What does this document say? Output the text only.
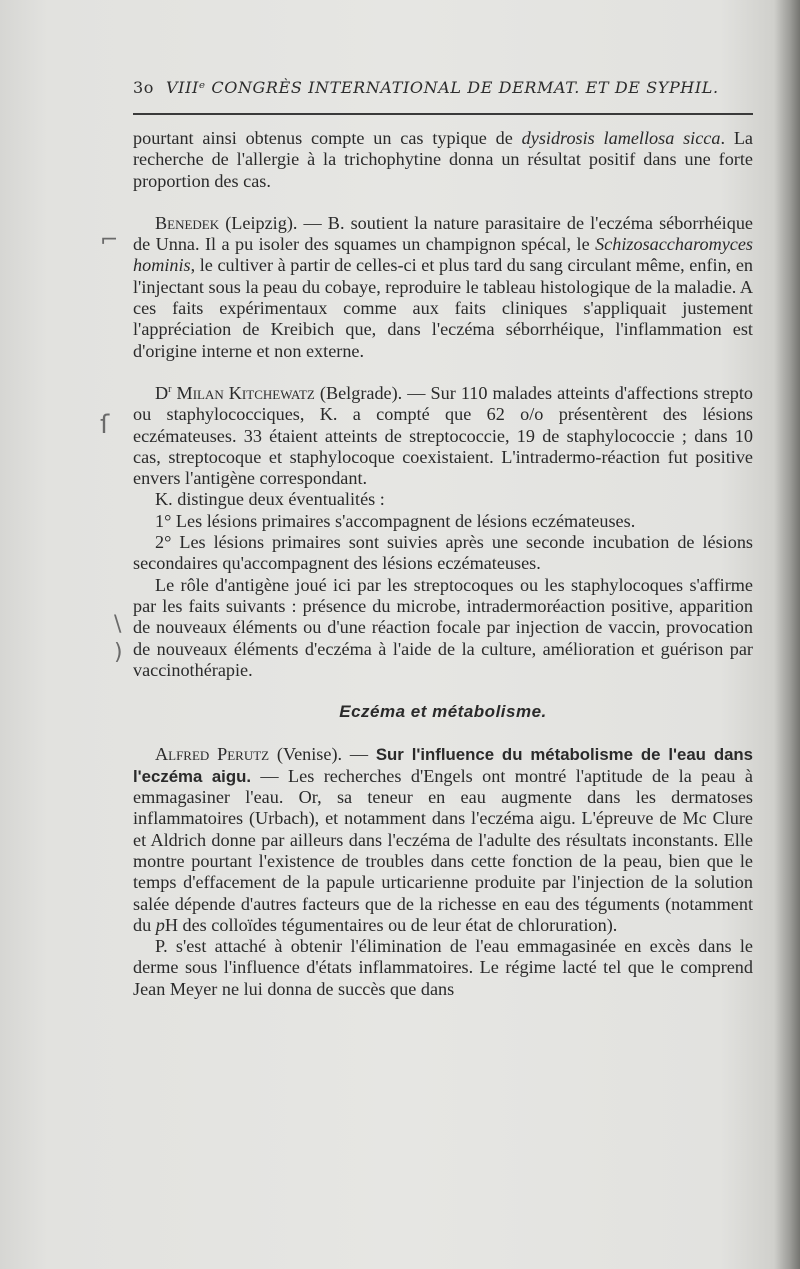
3o VIIIᵉ CONGRÈS INTERNATIONAL DE DERMAT. ET DE SYPHIL.
⌐
ſ
\
)

pourtant ainsi obtenus compte un cas typique de dysidrosis lamellosa sicca. La recherche de l'allergie à la trichophytine donna un résultat positif dans une forte proportion des cas.

Benedek (Leipzig). — B. soutient la nature parasitaire de l'eczéma séborrhéique de Unna. Il a pu isoler des squames un champignon spécal, le Schizosaccharomyces hominis, le cultiver à partir de celles-ci et plus tard du sang circulant même, enfin, en l'injectant sous la peau du cobaye, reproduire le tableau histologique de la maladie. A ces faits expérimentaux comme aux faits cliniques s'appliquait justement l'appréciation de Kreibich que, dans l'eczéma séborrhéique, l'inflammation est d'origine interne et non externe.

$D^r$ Milan Kitchewatz (Belgrade). — Sur 110 malades atteints d'affections strepto ou staphylococciques, K. a compté que 62 o/o présentèrent des lésions eczémateuses. 33 étaient atteints de streptococcie, 19 de staphylococcie ; dans 10 cas, streptocoque et staphylocoque coexistaient. L'intradermo-réaction fut positive envers l'antigène correspondant.

K. distingue deux éventualités :

1° Les lésions primaires s'accompagnent de lésions eczémateuses.

2° Les lésions primaires sont suivies après une seconde incubation de lésions secondaires qu'accompagnent des lésions eczémateuses.

Le rôle d'antigène joué ici par les streptocoques ou les staphylocoques s'affirme par les faits suivants : présence du microbe, intradermoréaction positive, apparition de nouveaux éléments ou d'une réaction focale par injection de vaccin, provocation de nouveaux éléments d'eczéma à l'aide de la culture, amélioration et guérison par vaccinothérapie.

Eczéma et métabolisme.

Alfred Perutz (Venise). — Sur l'influence du métabolisme de l'eau dans l'eczéma aigu. — Les recherches d'Engels ont montré l'aptitude de la peau à emmagasiner l'eau. Or, sa teneur en eau augmente dans les dermatoses inflammatoires (Urbach), et notamment dans l'eczéma aigu. L'épreuve de Mc Clure et Aldrich donne par ailleurs dans l'eczéma de l'adulte des résultats inconstants. Elle montre pourtant l'existence de troubles dans cette fonction de la peau, bien que le temps d'effacement de la papule urticarienne produite par l'injection de la solution salée dépende d'autres facteurs que de la richesse en eau des téguments (notamment du pH des colloïdes tégumentaires ou de leur état de chloruration).

P. s'est attaché à obtenir l'élimination de l'eau emmagasinée en excès dans le derme sous l'influence d'états inflammatoires. Le régime lacté tel que le comprend Jean Meyer ne lui donna de succès que dans
